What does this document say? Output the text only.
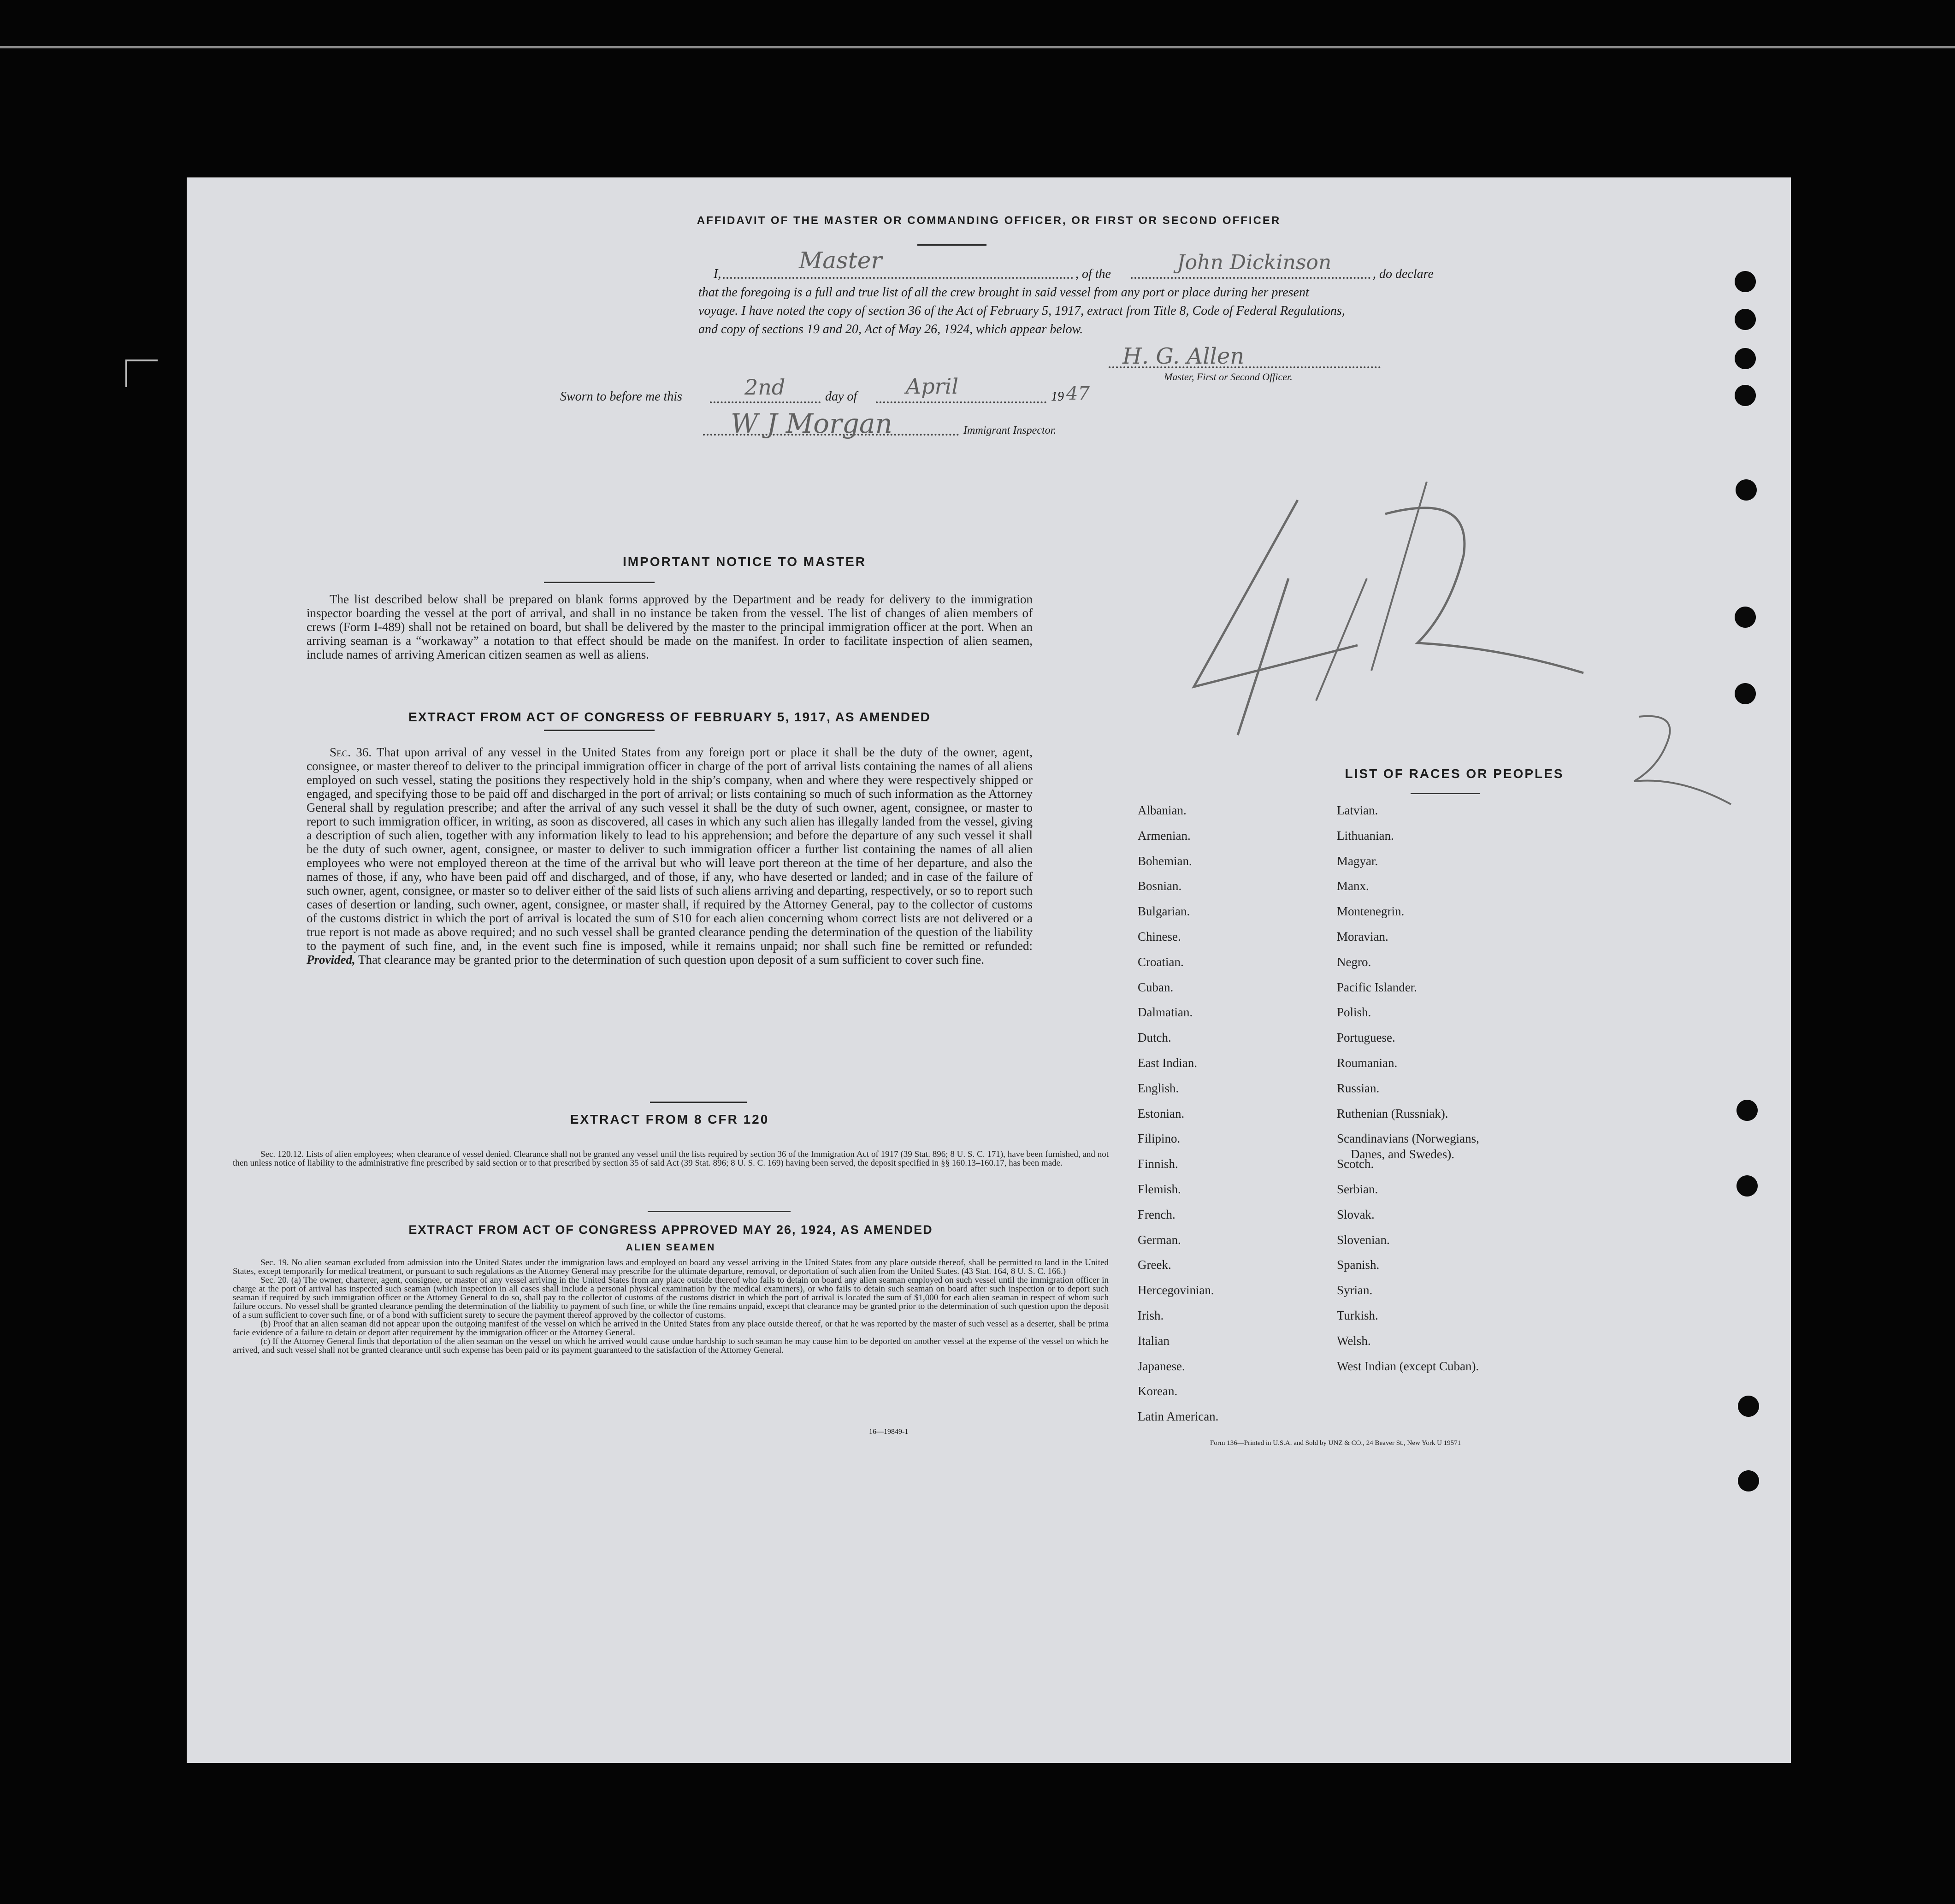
AFFIDAVIT OF THE MASTER OR COMMANDING OFFICER, OR FIRST OR SECOND OFFICER
I,
Master
, of the	John Dickinson	, do declare
that the foregoing is a full and true list of all the crew brought in said vessel from any port or place during her present
voyage. I have noted the copy of section 36 of the Act of February 5, 1917, extract from Title 8, Code of Federal Regulations,
and copy of sections 19 and 20, Act of May 26, 1924, which appear below.
H. G. Allen
Master, First or Second Officer.
Sworn to before me this	2nd	day of April	19 47
W J Morgan	Immigrant Inspector.
IMPORTANT NOTICE TO MASTER
The list described below shall be prepared on blank forms approved by the Department and be ready for delivery to the immigration inspector boarding the vessel at the port of arrival, and shall in no instance be taken from the vessel. The list of changes of alien members of crews (Form I-489) shall not be retained on board, but shall be delivered by the master to the principal immigration officer at the port. When an arriving seaman is a “workaway” a notation to that effect should be made on the manifest. In order to facilitate inspection of alien seamen, include names of arriving American citizen seamen as well as aliens.
EXTRACT FROM ACT OF CONGRESS OF FEBRUARY 5, 1917, AS AMENDED
Sec. 36. That upon arrival of any vessel in the United States from any foreign port or place it shall be the duty of the owner, agent, consignee, or master thereof to deliver to the principal immigration officer in charge of the port of arrival lists containing the names of all aliens employed on such vessel, stating the positions they respectively hold in the ship’s company, when and where they were respectively shipped or engaged, and specifying those to be paid off and discharged in the port of arrival; or lists containing so much of such information as the Attorney General shall by regulation prescribe; and after the arrival of any such vessel it shall be the duty of such owner, agent, consignee, or master to report to such immigration officer, in writing, as soon as discovered, all cases in which any such alien has illegally landed from the vessel, giving a description of such alien, together with any information likely to lead to his apprehension; and before the departure of any such vessel it shall be the duty of such owner, agent, consignee, or master to deliver to such immigration officer a further list containing the names of all alien employees who were not employed thereon at the time of the arrival but who will leave port thereon at the time of her departure, and also the names of those, if any, who have been paid off and discharged, and of those, if any, who have deserted or landed; and in case of the failure of such owner, agent, consignee, or master so to deliver either of the said lists of such aliens arriving and departing, respectively, or so to report such cases of desertion or landing, such owner, agent, consignee, or master shall, if required by the Attorney General, pay to the collector of customs of the customs district in which the port of arrival is located the sum of $10 for each alien concerning whom correct lists are not delivered or a true report is not made as above required; and no such vessel shall be granted clearance pending the determination of the question of the liability to the payment of such fine, and, in the event such fine is imposed, while it remains unpaid; nor shall such fine be remitted or refunded: Provided, That clearance may be granted prior to the determination of such question upon deposit of a sum sufficient to cover such fine.
EXTRACT FROM 8 CFR 120
Sec. 120.12. Lists of alien employees; when clearance of vessel denied. Clearance shall not be granted any vessel until the lists required by section 36 of the Immigration Act of 1917 (39 Stat. 896; 8 U. S. C. 171), have been furnished, and not then unless notice of liability to the administrative fine prescribed by said section or to that prescribed by section 35 of said Act (39 Stat. 896; 8 U. S. C. 169) having been served, the deposit specified in §§ 160.13–160.17, has been made.
EXTRACT FROM ACT OF CONGRESS APPROVED MAY 26, 1924, AS AMENDED
ALIEN SEAMEN
Sec. 19. No alien seaman excluded from admission into the United States under the immigration laws and employed on board any vessel arriving in the United States from any place outside thereof, shall be permitted to land in the United States, except temporarily for medical treatment, or pursuant to such regulations as the Attorney General may prescribe for the ultimate departure, removal, or deportation of such alien from the United States. (43 Stat. 164, 8 U. S. C. 166.)
Sec. 20. (a) The owner, charterer, agent, consignee, or master of any vessel arriving in the United States from any place outside thereof who fails to detain on board any alien seaman employed on such vessel until the immigration officer in charge at the port of arrival has inspected such seaman (which inspection in all cases shall include a personal physical examination by the medical examiners), or who fails to detain such seaman on board after such inspection or to deport such seaman if required by such immigration officer or the Attorney General to do so, shall pay to the collector of customs of the customs district in which the port of arrival is located the sum of $1,000 for each alien seaman in respect of whom such failure occurs. No vessel shall be granted clearance pending the determination of the liability to payment of such fine, or while the fine remains unpaid, except that clearance may be granted prior to the determination of such question upon the deposit of a sum sufficient to cover such fine, or of a bond with sufficient surety to secure the payment thereof approved by the collector of customs.
(b) Proof that an alien seaman did not appear upon the outgoing manifest of the vessel on which he arrived in the United States from any place outside thereof, or that he was reported by the master of such vessel as a deserter, shall be prima facie evidence of a failure to detain or deport after requirement by the immigration officer or the Attorney General.
(c) If the Attorney General finds that deportation of the alien seaman on the vessel on which he arrived would cause undue hardship to such seaman he may cause him to be deported on another vessel at the expense of the vessel on which he arrived, and such vessel shall not be granted clearance until such expense has been paid or its payment guaranteed to the satisfaction of the Attorney General.
16—19849-1
LIST OF RACES OR PEOPLES
Albanian.
Armenian.
Bohemian.
Bosnian.
Bulgarian.
Chinese.
Croatian.
Cuban.
Dalmatian.
Dutch.
East Indian.
English.
Estonian.
Filipino.
Finnish.
Flemish.
French.
German.
Greek.
Hercegovinian.
Irish.
Italian
Japanese.
Korean.
Latin American.
Latvian.
Lithuanian.
Magyar.
Manx.
Montenegrin.
Moravian.
Negro.
Pacific Islander.
Polish.
Portuguese.
Roumanian.
Russian.
Ruthenian (Russniak).
Scandinavians (Norwegians,
Danes, and Swedes).
Scotch.
Serbian.
Slovak.
Slovenian.
Spanish.
Syrian.
Turkish.
Welsh.
West Indian (except Cuban).
Form 136—Printed in U.S.A. and Sold by UNZ & CO., 24 Beaver St., New York U 19571
